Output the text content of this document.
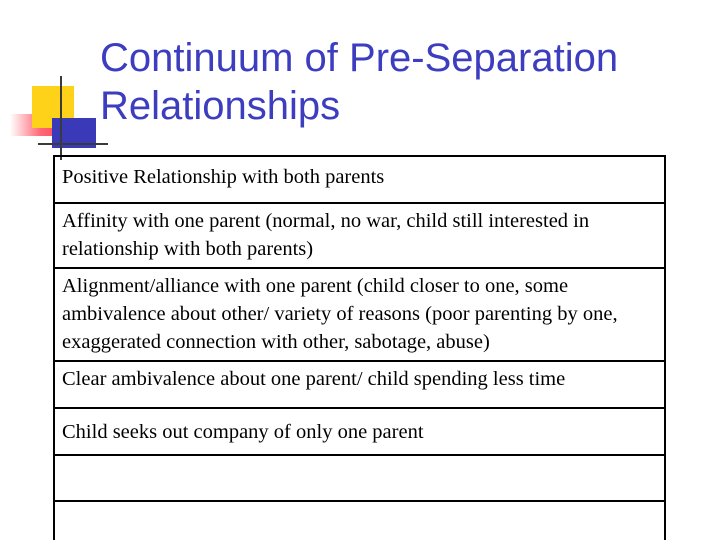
Continuum of Pre-Separation
Relationships
Positive Relationship with both parents
Affinity with one parent (normal, no war, child still interested in relationship with both parents)
Alignment/alliance with one parent (child closer to one, some ambivalence about other/ variety of reasons (poor parenting by one, exaggerated connection with other, sabotage, abuse)
Clear ambivalence about one parent/ child spending less time
Child seeks out company of only one parent
